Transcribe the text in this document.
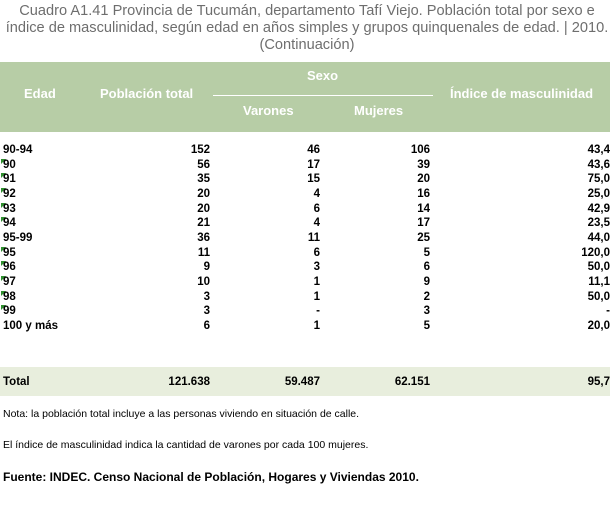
Cuadro A1.41 Provincia de Tucumán, departamento Tafí Viejo. Población total por sexo e
índice de masculinidad, según edad en años simples y grupos quinquenales de edad. | 2010.
(Continuación)
Edad	Población total
Sexo
Varones	Mujeres
Índice de masculinidad
90-94	152	46	106	43,4
90	56	17	39	43,6
91	35	15	20	75,0
92	20	4	16	25,0
93	20	6	14	42,9
94	21	4	17	23,5
95-99	36	11	25	44,0
95	11	6	5	120,0
96	9	3	6	50,0
97	10	1	9	11,1
98	3	1	2	50,0
99	3	-	3	-
100 y más	6	1	5	20,0
Total	121.638	59.487	62.151	95,7
Nota: la población total incluye a las personas viviendo en situación de calle.
El índice de masculinidad indica la cantidad de varones por cada 100 mujeres.
Fuente: INDEC. Censo Nacional de Población, Hogares y Viviendas 2010.
